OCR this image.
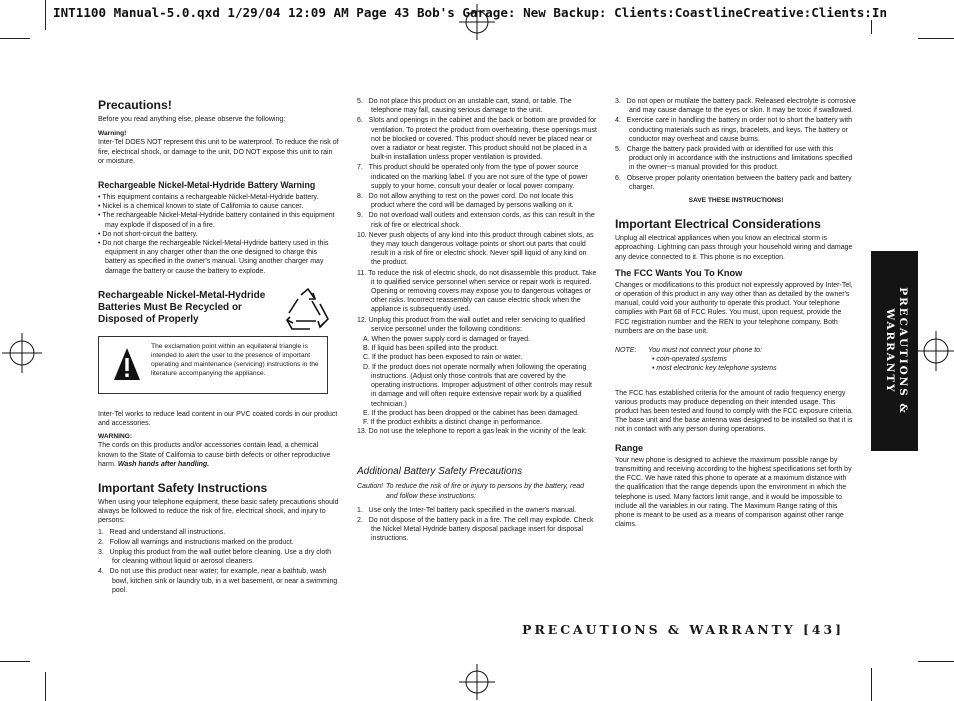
INT1100 Manual-5.0.qxd 1/29/04 12:09 AM Page 43 Bob's Garage: New Backup: Clients:CoastlineCreative:Clients:In
Precautions!

Before you read anything else, please observe the following:

Warning!

Inter-Tel DOES NOT represent this unit to be waterproof. To reduce the risk of fire, electrical shock, or damage to the unit, DO NOT expose this unit to rain or moisture.

Rechargeable Nickel-Metal-Hydride Battery Warning

• This equipment contains a rechargeable Nickel-Metal-Hydride battery.

• Nickel is a chemical known to state of California to cause cancer.

• The rechargeable Nickel-Metal-Hydride battery contained in this equipment may explode if disposed of in a fire.

• Do not short-circuit the battery.

• Do not charge the rechargeable Nickel-Metal-Hydride battery used in this equipment in any charger other than the one designed to charge this battery as specified in the owner's manual. Using another charger may damage the battery or cause the battery to explode.

Rechargeable Nickel-Metal-Hydride Batteries Must Be Recycled or Disposed of Properly
The exclamation point within an equilateral triangle is intended to alert the user to the presence of important operating and maintenance (servicing) instructions in the literature accompanying the appliance.

Inter-Tel works to reduce lead content in our PVC coated cords in our product and accessories.

WARNING:

The cords on this products and/or accessories contain lead, a chemical known to the State of California to cause birth defects or other reproductive harm. Wash hands after handling.

Important Safety Instructions

When using your telephone equipment, these basic safety precautions should always be followed to reduce the risk of fire, electrical shock, and injury to persons:

1.   Read and understand all instructions.

2.   Follow all warnings and instructions marked on the product.

3.   Unplug this product from the wall outlet before cleaning. Use a dry cloth for cleaning without liquid or aerosol cleaners.

4.   Do not use this product near water; for example, near a bathtub, wash bowl, kitchen sink or laundry tub, in a wet basement, or near a swimming pool.

5.   Do not place this product on an unstable cart, stand, or table. The telephone may fall, causing serious damage to the unit.

6.   Slots and openings in the cabinet and the back or bottom are provided for ventilation. To protect the product from overheating, these openings must not be blocked or covered. This product should never be placed near or over a radiator or heat register. This product should not be placed in a built-in installation unless proper ventilation is provided.

7.   This product should be operated only from the type of power source indicated on the marking label. If you are not sure of the type of power supply to your home, consult your dealer or local power company.

8.   Do not allow anything to rest on the power cord. Do not locate this product where the cord will be damaged by persons walking on it.

9.   Do not overload wall outlets and extension cords, as this can result in the risk of fire or electrical shock.

10. Never push objects of any kind into this product through cabinet slots, as they may touch dangerous voltage points or short out parts that could result in a risk of fire or electric shock. Never spill liquid of any kind on the product.

11. To reduce the risk of electric shock, do not disassemble this product. Take it to qualified service personnel when service or repair work is required. Opening or removing covers may expose you to dangerous voltages or other risks. Incorrect reassembly can cause electric shock when the appliance is subsequently used.

12. Unplug this product from the wall outlet and refer servicing to qualified service personnel under the following conditions:

A. When the power supply cord is damaged or frayed.

B. If liquid has been spilled into the product.

C. If the product has been exposed to rain or water.

D. If the product does not operate normally when following the operating instructions. (Adjust only those controls that are covered by the operating instructions. Improper adjustment of other controls may result in damage and will often require extensive repair work by a qualified technician.)

E. If the product has been dropped or the cabinet has been damaged.

F. If the product exhibits a distinct change in performance.

13. Do not use the telephone to report a gas leak in the vicinity of the leak.

Additional Battery Safety Precautions
Caution! To reduce the risk of fire or injury to persons by the battery, read and follow these instructions:

1.   Use only the Inter-Tel battery pack specified in the owner's manual.

2.   Do not dispose of the battery pack in a fire. The cell may explode. Check the Nickel Metal Hydride battery disposal package insert for disposal instructions.

3.   Do not open or mutilate the battery pack. Released electrolyte is corrosive and may cause damage to the eyes or skin. It may be toxic if swallowed.

4.   Exercise care in handling the battery in order not to short the battery with conducting materials such as rings, bracelets, and keys. The battery or conductor may overheat and cause burns.

5.   Charge the battery pack provided with or identified for use with this product only in accordance with the instructions and limitations specified in the owner~s manual provided for this product.

6.   Observe proper polarity orientation between the battery pack and battery charger.

SAVE THESE INSTRUCTIONS!
Important Electrical Considerations

Unplug all electrical appliances when you know an electrical storm is approaching. Lightning can pass through your household wiring and damage any device connected to it. This phone is no exception.

The FCC Wants You To Know

Changes or modifications to this product not expressly approved by Inter-Tel, or operation of this product in any way other than as detailed by the owner's manual, could void your authority to operate this product. Your telephone complies with Part 68 of FCC Rules. You must, upon request, provide the FCC registration number and the REN to your telephone company. Both numbers are on the base unit.

NOTE:	You must not connect your phone to:
• coin-operated systems
• most electronic key telephone systems

The FCC has established criteria for the amount of radio frequency energy various products may produce depending on their intended usage. This product has been tested and found to comply with the FCC exposure criteria. The base unit and the base antenna was designed to be installed so that it is not in contact with any person during operations.

Range

Your new phone is designed to achieve the maximum possible range by transmitting and receiving according to the highest specifications set forth by the FCC. We have rated this phone to operate at a maximum distance with the qualification that the range depends upon the environment in which the telephone is used. Many factors limit range, and it would be impossible to include all the variables in our rating. The Maximum Range rating of this phone is meant to be used as a means of comparison against other range claims.

PRECAUTIONS & WARRANTY
PRECAUTIONS & WARRANTY [43]
